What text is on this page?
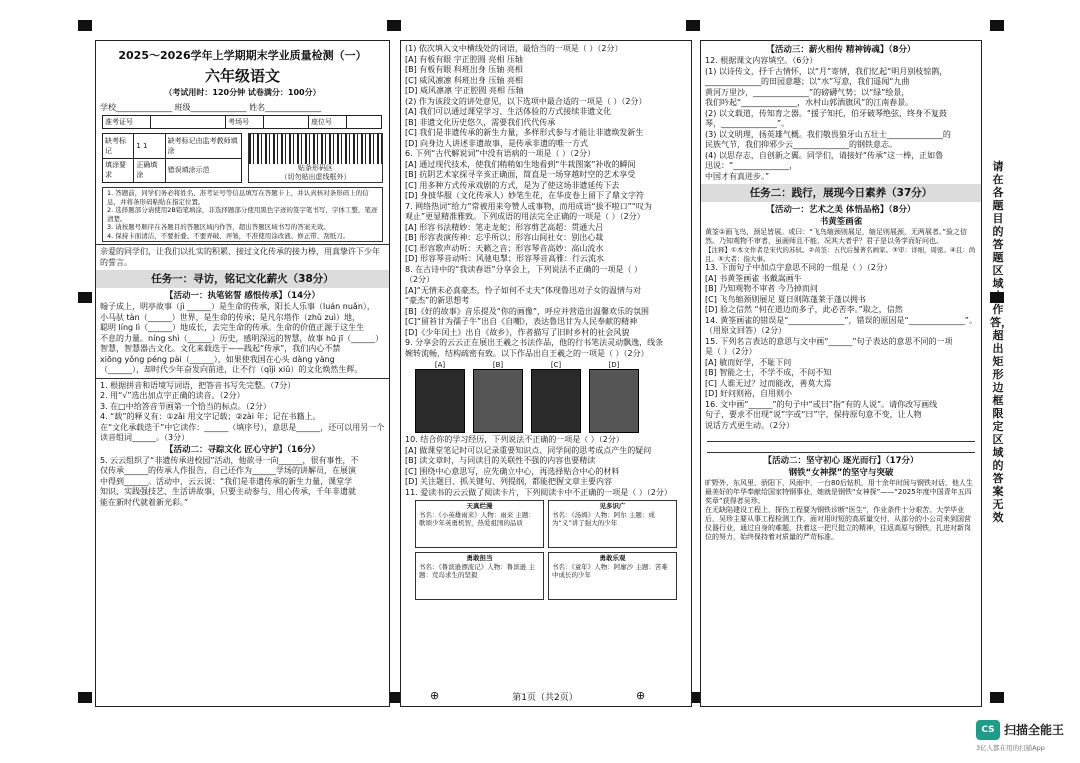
2025～2026学年上学期期末学业质量检测（一）
六年级语文
（考试用时：120分钟 试卷满分：100分）
学校______________ 班级______________ 姓名______________
准考证号		考场号		座位号	
缺考标记	1 1	缺考标记由监考教师填涂
填涂要求	正确填涂	错误填涂示范	贴条形码区
（切勿贴出虚线框外）
1. 答题前，同学们务必将姓名、准考证号等信息填写在答题卡上，并认真核对条形码上的信息，并将条形码粘贴在指定位置。
2. 选择题部分请使用2B铅笔填涂，非选择题部分使用黑色字迹的签字笔书写，字体工整，笔迹清楚。
3. 请按题号顺序在各题目的答题区域内作答，超出答题区域书写的答案无效。
4. 保持卡面清洁，不要折叠、不要弄破、弄皱，不准使用涂改液、修正带、刮纸刀。
亲爱的同学们，让我们以扎实的积累、接过文化传承的接力棒，用真挚许下少年的誓言。
任务一：寻访，铭记文化薪火（38分）
【活动一：执笔铭誓 感恨传承】（14分）
翰子成上，明亭故事（jì ______）是生命的传承，阳长人乐事（luán nuǎn），
小马驮 tàn（______）世界，是生命的传承；是凡尔塔作（zhǔ zuì）地，
聪明 líng lì（______）地成长，去完生命的传承。生命的价值正源于这生生
不息的力量。níng shì（______）历史，感明深远的智慧，故事 hū jī（______）
智慧，智慧器古文化。文化来载迭于——践起“传承”，我们内心不禁
xiōng yǒng péng pài（______），如果使我国在心头 dàng yàng
（______），却时代少年奋发向前进，让不行（qǐjì xiǔ）的文化焕然生辉。
1. 根据拼音和语境写词语，把答音书写先完整。（7分）
2. 用“√”选出加点字正确的读音。（2分）
3. 在□中给答音节画第一个恰当的标点。（2分）
4. “载”的释义有：①zǎi 用文字记载；②zài 年；记在书籍上。
在“文化承载迭于”中它读作：______（填序号），意思是______，还可以用另一个读音组词______。（3分）
【活动二：寻踪文化 匠心守护】（16分）
5. 云云组织了“非遗传承进校园”活动，他欲寻一向______，很有事性，不
仅传承______的传承人作报告，自己还作为______学场的讲解员，在展演
中得到______。活动中，云云说：“我们是非遗传承的新生力量，课堂学
知识、实践强技艺、生活讲故事，只要主动参与、用心传承，千年非遗就
能在新时代就着新光彩。”
(1) 依次填入文中横线处的词语，最恰当的一项是（ ）（2分）
[A] 有板有眼 字正腔圆 亮相 压轴
[B] 有板有眼 科班出身 压轴 亮相
[C] 威风凛凛 科班出身 压轴 亮相
[D] 威风凛凛 字正腔圆 亮相 压轴
(2) 作为该段文的讲处意见，以下选项中最合适的一项是（ ）（2分）
[A] 我们可以通过课堂学习、生活体验的方式接续非遗文化
[B] 非遗文化历史悠久，需要我们代代传承
[C] 我们是非遗传承的新生力量，多样形式参与才能让非遗焕发新生
[D] 向身边人讲述非遗故事，是传承非遗的唯一方式
6. 下列“古代解说词”中没有语病的一项是（ ）（2分）
[A] 通过现代技术，使我们稍稍如生地看到“牛栽图案”补收的瞬间
[B] 抗阴艺术家探寻辛亥正确面，简直是一场穿越时空的艺术享受
[C] 用多种方式传承戏剧的方式，是为了使这场非遗延传下去
[D] 身披华服（文化传承人）妙笔生花，在华皮卷上留下了鼎文字符
7. 网络热词“给力”常被用来夸赞人或事物，而用成语“拔不啦口”“叹为
观止”更显精准雅致。下列成语的用法完全正确的一项是（ ）（2分）
[A] 形容书法精妙：笔走龙蛇；形容剪艺高超：贯通大吕
[B] 形容表演传神：忘乎所以；形容山间社女：别出心裁
[C] 形容歌声动听：天籁之音；形容琴音高妙：高山流水
[D] 形容琴音动听：风驰电掣；形容琴音高雅：行云流水
8. 在古诗中的“我读春语”分享会上，下列说法不正确的一项是（ ）
（2分）
[A]“无情未必真豪杰，怜子如何不丈夫”体现鲁迅对子女的温情与对
“豪杰”的新思想考
[B]《好的故事》音乐提及“你的画像”，呼应并营造出温馨欢乐的氛围
[C]“留苔甘为孺子牛”出自《自嘲》，表达鲁迅甘为人民奉献的精神
[D]《少年闰土》出自《故乡》，作者描写了旧时乡村的社会风貌
9. 分享会的云云正在展出王羲之书法作品，他的行书笔法灵动飘逸，线条
婉转流畅，结构疏密有致。以下作品出自王羲之的一项是（ ）（2分）
[A]	[B]	[C]	[D]
10. 结合你的学习经历，下列说法不正确的一项是（ ）（2分）
[A] 做课堂笔记时可以记录重要知识点、同学间的思考成点产生的疑问
[B] 读文章时，与同读目的关联性不强的内容也要精读
[C] 围绕中心意思写，应先确立中心，再选择贴合中心的材料
[D] 关注题目、抓关键句、列提纲，都能把握文章主要内容
11. 爱读书的云云做了阅读卡片，下列阅读卡中不正确的一项是（ ）（2分）
天真烂漫
书名：《小英雄雨来》人物：雨来 主题：歌颂少年英勇机智，热爱祖国的品质
见多识广
书名：《汤姆》人物：阿尔 主题：成为“义”讲了强大的少年
勇敢担当
书名：《鲁滨逊漂流记》人物：鲁滨逊 主题：荒岛求生的坚毅
勇敢乐观
书名：《童年》人物：阿廖沙 主题：苦难中成长的少年
【活动三：薪火相传 精神铸魂】（8分）
12. 根据课文内容填空。（6分）
(1) 以诗传文，抒千古情怀，以“月”寄情，我们忆起“明月别枝惊鹊，
______________的田园意趣；以“水”写意，我们遥闻“九曲
黄河万里沙，______________”的磅礴气势；以“绿”绘景，
我们吟起“______________，水村山郭酒旗风”的江南春景。
(2) 以文载道，传知育之器。“援子知托，伯牙破琴绝弦，终身不复鼓
琴，______________”。
(3) 以文明理，扬英雄气概。我们敬畏狼牙山五壮士______________的
民族气节，我们抑邪少云______________的钢铁意志。
(4) 以思存志，自创新之翼。同学们，请接好“传承”这一棒，正如鲁
迅说：“______________，
中国才有真进步。”
任务二：践行，展现今日素养（37分）
【活动一：艺术之美 体悟品格】（8分）
书黄筌画雀
黄筌①画飞鸟，颈足皆展。或曰：“飞鸟缩颈则展足，缩足则展颈，无两展者。”验之信然。乃知观物不审者，虽画师且不能，况其大者乎？君子是以务学而好问也。
【注释】①本文作者是宋代的苏轼。②黄筌：五代后蜀著名画家。③审：详细，周密。④且：尚且。⑤大者：指大事。
13. 下面句子中加点字意思不同的一组是（ ）（2分）
[A] 书黄筌画雀 书戴嵩画牛
[B] 乃知观物不审者 今乃掉而问
[C] 飞鸟缩颈则展足 夏日则陈蓬莱于蓬以拥书
[D] 验之信然 “何在道边而多子，此必苦李。”取之，信然
14. 黄筌画雀的错误是“______________”，错误的原因是“______________”。（用原文回答）（2分）
15. 下列名言表达的意思与文中画“______”句子表达的意思不同的一项
是（ ）（2分）
[A] 敏而好学，不耻下问
[B] 智能之士，不学不成，不问不知
[C] 人谁无过？过而能改，善莫大焉
[D] 好问则裕，自用则小
16. 文中画“______”的句子中“或曰”指“有的人说”。请你改写画线
句子，要求不出现“说”字或“曰”字，保持原句意不变，让人物
说话方式更生动。（2分）
【活动二：坚守初心 逐光而行】（17分）
钢铁“女神探”的坚守与突破
旷野外、东风里、骄阳下，风雨中，一台80后钻机，用十余年时间与钢铁对话，他人生最美好的年华奉献给国家特钢事业，她就是钢铁“女神探”——“2025年度中国青年五四奖章”获得者吴珍。
在无缺陷建设工程上，探伤工程要为钢铁诊断“医生”，作业条件十分艰苦。大学毕业后，吴珍主要从事工程检测工作，面对用时短的高质量交付，从部分的小公司来到国营仪器行业，通过自身的难题，扶着这一把尺挺立的精神，往返高原与钢铁，扎进对新岗位的努力，始终保持着对质量的严苛标准。
请在各题目的答题区域内作答，超出矩形边框限定区域的答案无效
⊕	⊕
第1页（共2页）
CS 扫描全能王
3亿人都在用的扫描App
